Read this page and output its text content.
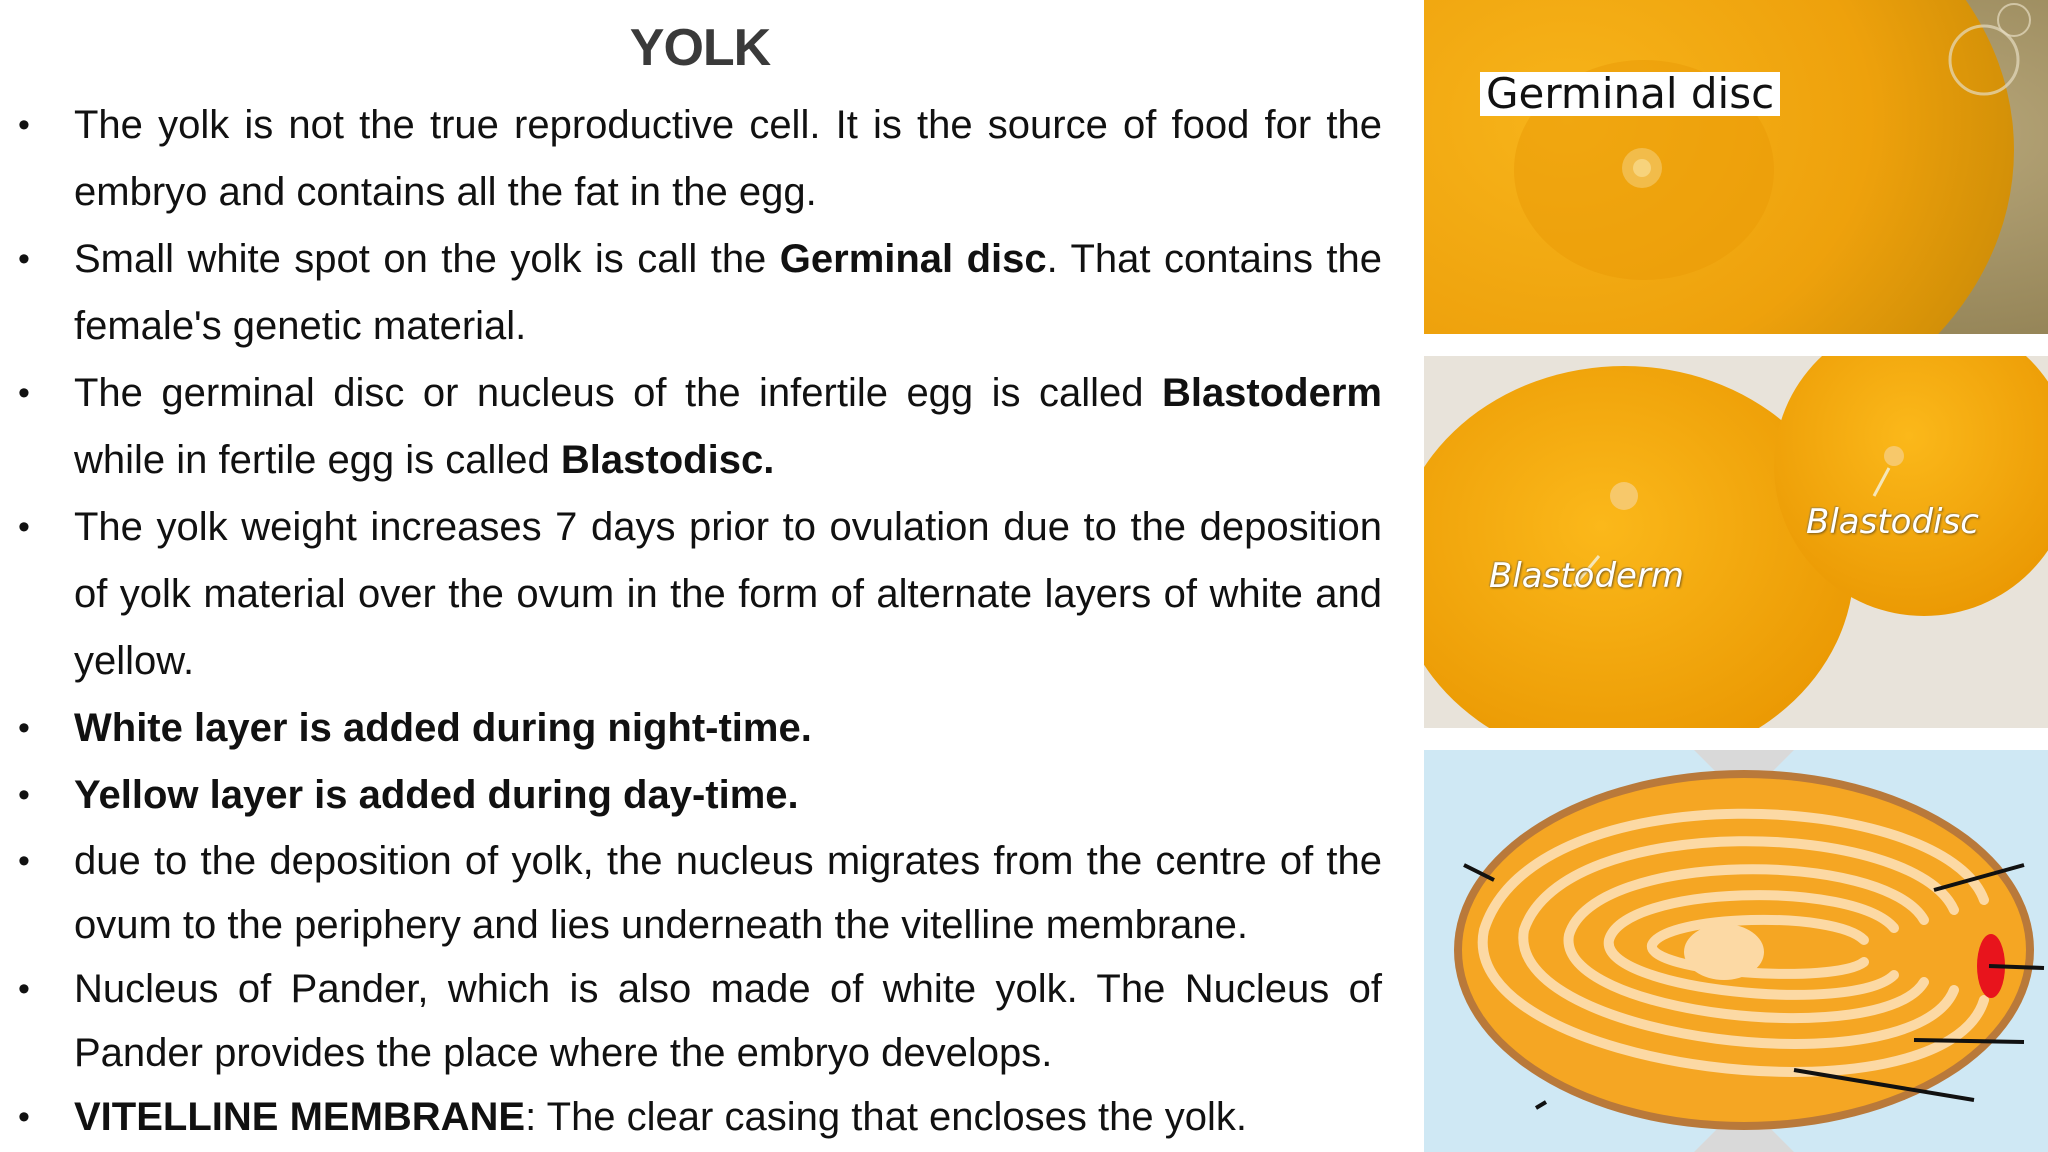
YOLK
• The yolk is not the true reproductive cell. It is the source of food for the embryo and contains all the fat in the egg.
• Small white spot on the yolk is call the Germinal disc. That contains the female's genetic material.
• The germinal disc or nucleus of the infertile egg is called Blastoderm while in fertile egg is called Blastodisc.
• The yolk weight increases 7 days prior to ovulation due to the deposition of yolk material over the ovum in the form of alternate layers of white and yellow.
• White layer is added during night-time.
• Yellow layer is added during day-time.
• due to the deposition of yolk, the nucleus migrates from the centre of the ovum to the periphery and lies underneath the vitelline membrane.
• Nucleus of Pander, which is also made of white yolk. The Nucleus of Pander provides the place where the embryo develops.
• VITELLINE MEMBRANE: The clear casing that encloses the yolk.
Germinal disc
Blastoderm
Blastodisc
